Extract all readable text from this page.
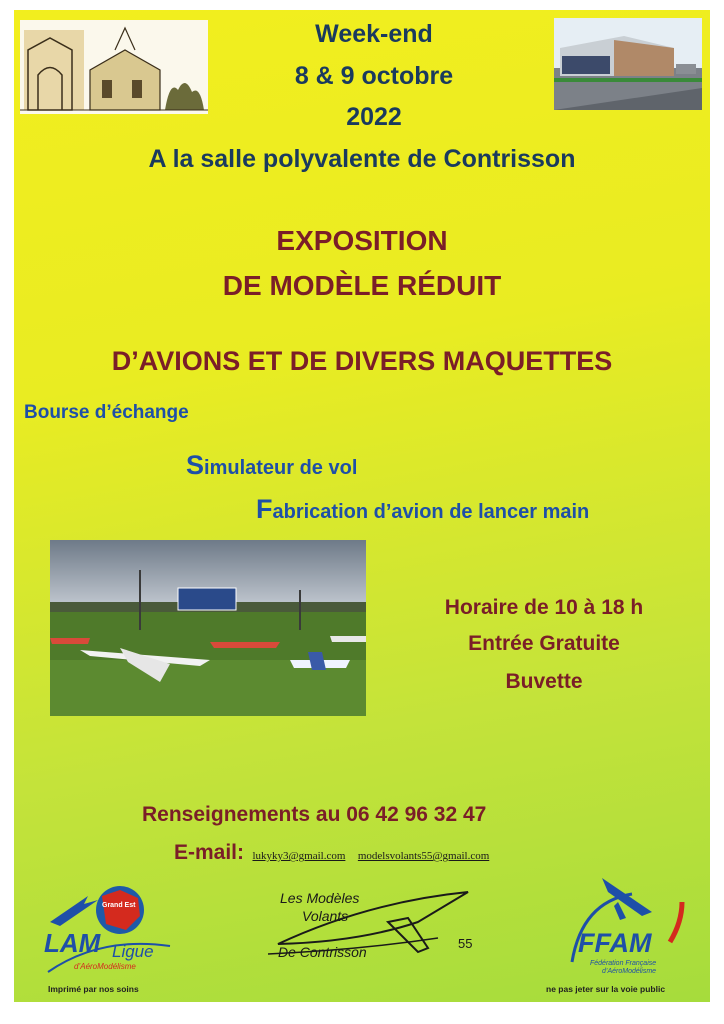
Week-end
8 & 9 octobre
2022
A la salle polyvalente de Contrisson
EXPOSITION
DE MODÈLE RÉDUIT
D’AVIONS ET DE DIVERS MAQUETTES
Bourse d’échange
Simulateur de vol
Fabrication d’avion de lancer main
Horaire de 10 à 18 h
Entrée Gratuite
Buvette
Renseignements au 06 42 96 32 47
E-mail: lukyky3@gmail.com modelsvolants55@gmail.com
Grand Est
LAM Ligue
d’AéroModélisme
Les Modèles
Volants
De Contrisson
55	FFAM
Fédération Française
d’AéroModélisme
Imprimé par nos soins	ne pas jeter sur la voie public
